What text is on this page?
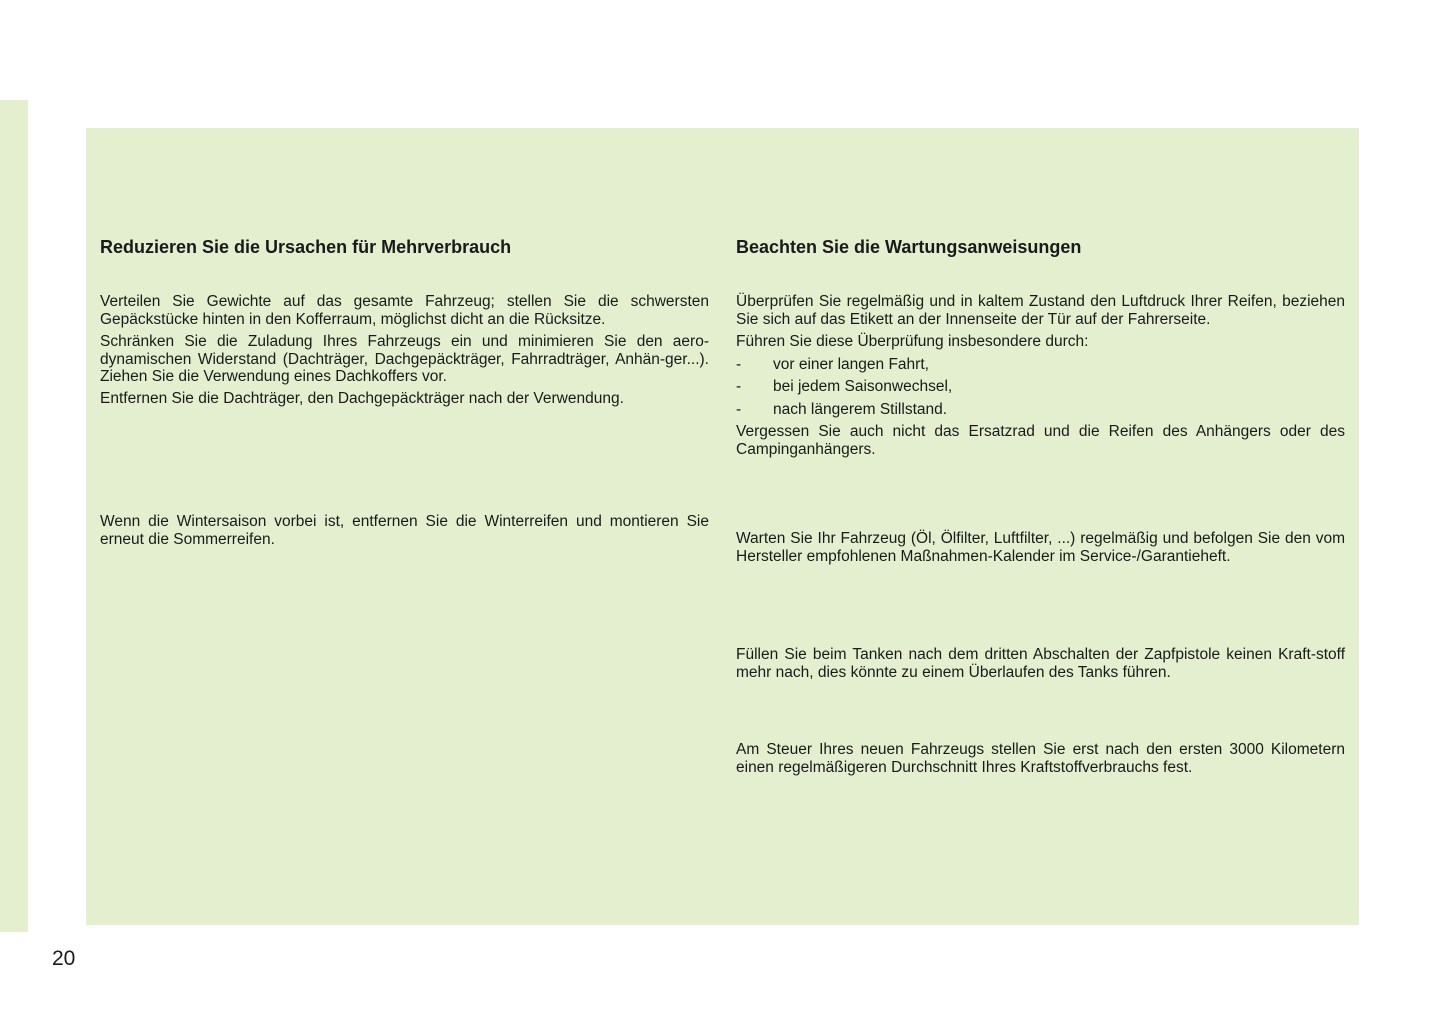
Reduzieren Sie die Ursachen für Mehrverbrauch

Verteilen Sie Gewichte auf das gesamte Fahrzeug; stellen Sie die schwersten Gepäckstücke hinten in den Kofferraum, möglichst dicht an die Rücksitze.

Schränken Sie die Zuladung Ihres Fahrzeugs ein und minimieren Sie den aero-dynamischen Widerstand (Dachträger, Dachgepäckträger, Fahrradträger, Anhän-ger...). Ziehen Sie die Verwendung eines Dachkoffers vor.

Entfernen Sie die Dachträger, den Dachgepäckträger nach der Verwendung.

Wenn die Wintersaison vorbei ist, entfernen Sie die Winterreifen und montieren Sie erneut die Sommerreifen.

Beachten Sie die Wartungsanweisungen

Überprüfen Sie regelmäßig und in kaltem Zustand den Luftdruck Ihrer Reifen, beziehen Sie sich auf das Etikett an der Innenseite der Tür auf der Fahrerseite.

Führen Sie diese Überprüfung insbesondere durch:

- vor einer langen Fahrt,

- bei jedem Saisonwechsel,

- nach längerem Stillstand.

Vergessen Sie auch nicht das Ersatzrad und die Reifen des Anhängers oder des Campinganhängers.

Warten Sie Ihr Fahrzeug (Öl, Ölfilter, Luftfilter, ...) regelmäßig und befolgen Sie den vom Hersteller empfohlenen Maßnahmen-Kalender im Service-/Garantieheft.

Füllen Sie beim Tanken nach dem dritten Abschalten der Zapfpistole keinen Kraft-stoff mehr nach, dies könnte zu einem Überlaufen des Tanks führen.

Am Steuer Ihres neuen Fahrzeugs stellen Sie erst nach den ersten 3000 Kilometern einen regelmäßigeren Durchschnitt Ihres Kraftstoffverbrauchs fest.

20
